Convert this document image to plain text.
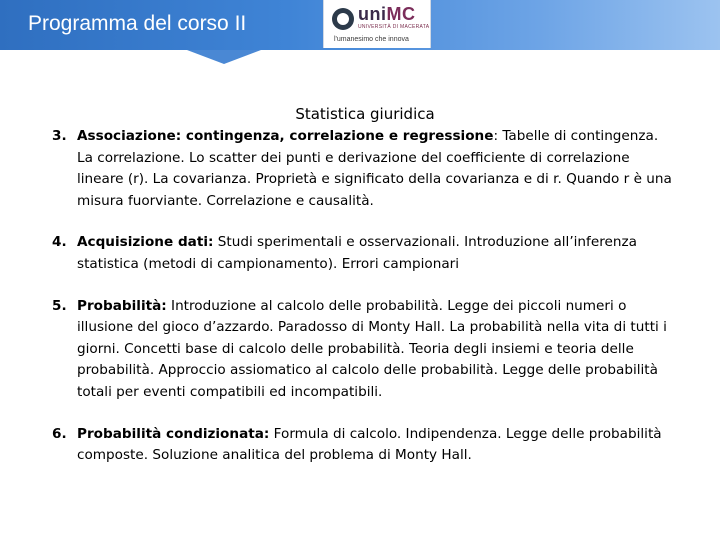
Programma del corso II	uniMC
UNIVERSITÀ DI MACERATA
l'umanesimo che innova
Statistica giuridica
3. Associazione: contingenza, correlazione e regressione: Tabelle di contingenza. La correlazione. Lo scatter dei punti e derivazione del coefficiente di correlazione lineare (r). La covarianza. Proprietà e significato della covarianza e di r. Quando r è una misura fuorviante. Correlazione e causalità.
4. Acquisizione dati: Studi sperimentali e osservazionali. Introduzione all’inferenza statistica (metodi di campionamento). Errori campionari
5. Probabilità: Introduzione al calcolo delle probabilità. Legge dei piccoli numeri o illusione del gioco d’azzardo. Paradosso di Monty Hall. La probabilità nella vita di tutti i giorni. Concetti base di calcolo delle probabilità. Teoria degli insiemi e teoria delle probabilità. Approccio assiomatico al calcolo delle probabilità. Legge delle probabilità totali per eventi compatibili ed incompatibili.
6. Probabilità condizionata: Formula di calcolo. Indipendenza. Legge delle probabilità composte. Soluzione analitica del problema di Monty Hall.
